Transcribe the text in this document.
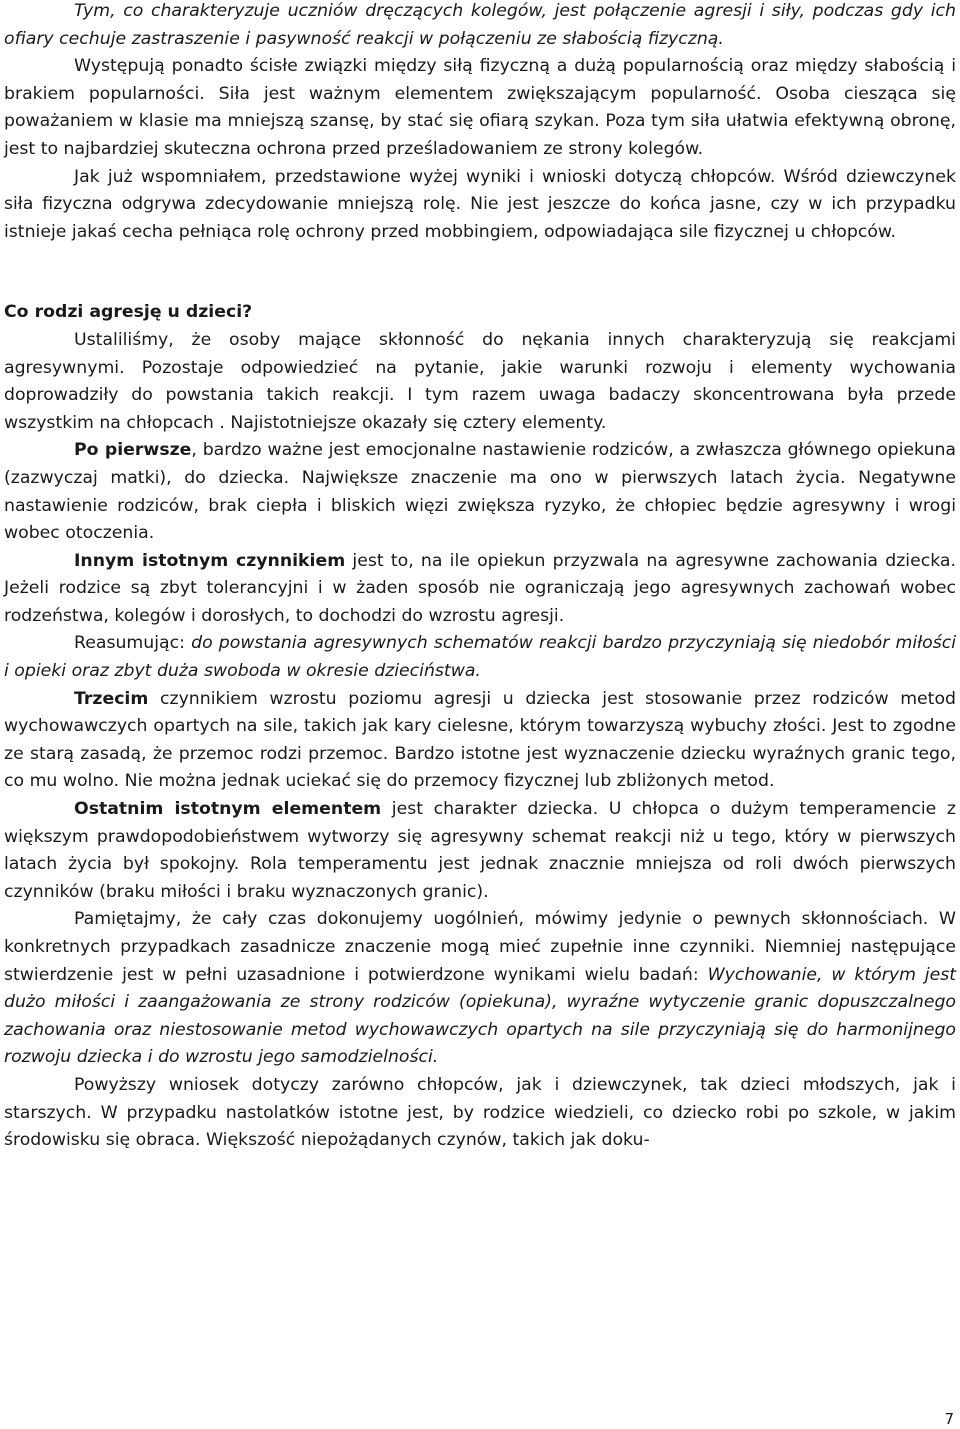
Tym, co charakteryzuje uczniów dręczących kolegów, jest połączenie agresji i siły, podczas gdy ich ofiary cechuje zastraszenie i pasywność reakcji w połączeniu ze słabością fizyczną.

Występują ponadto ścisłe związki między siłą fizyczną a dużą popularnością oraz między słabością i brakiem popularności. Siła jest ważnym elementem zwiększającym popularność. Osoba ciesząca się poważaniem w klasie ma mniejszą szansę, by stać się ofiarą szykan. Poza tym siła ułatwia efektywną obronę, jest to najbardziej skuteczna ochrona przed prześladowaniem ze strony kolegów.

Jak już wspomniałem, przedstawione wyżej wyniki i wnioski dotyczą chłopców. Wśród dziewczynek siła fizyczna odgrywa zdecydowanie mniejszą rolę. Nie jest jeszcze do końca jasne, czy w ich przypadku istnieje jakaś cecha pełniąca rolę ochrony przed mobbingiem, odpowiadająca sile fizycznej u chłopców.

Co rodzi agresję u dzieci?

Ustaliliśmy, że osoby mające skłonność do nękania innych charakteryzują się reakcjami agresywnymi. Pozostaje odpowiedzieć na pytanie, jakie warunki rozwoju i elementy wychowania doprowadziły do powstania takich reakcji. I tym razem uwaga badaczy skoncentrowana była przede wszystkim na chłopcach . Najistotniejsze okazały się cztery elementy.

Po pierwsze, bardzo ważne jest emocjonalne nastawienie rodziców, a zwłaszcza głównego opiekuna (zazwyczaj matki), do dziecka. Największe znaczenie ma ono w pierwszych latach życia. Negatywne nastawienie rodziców, brak ciepła i bliskich więzi zwiększa ryzyko, że chłopiec będzie agresywny i wrogi wobec otoczenia.

Innym istotnym czynnikiem jest to, na ile opiekun przyzwala na agresywne zachowania dziecka. Jeżeli rodzice są zbyt tolerancyjni i w żaden sposób nie ograniczają jego agresywnych zachowań wobec rodzeństwa, kolegów i dorosłych, to dochodzi do wzrostu agresji.

Reasumując: do powstania agresywnych schematów reakcji bardzo przyczyniają się niedobór miłości i opieki oraz zbyt duża swoboda w okresie dzieciństwa.

Trzecim czynnikiem wzrostu poziomu agresji u dziecka jest stosowanie przez rodziców metod wychowawczych opartych na sile, takich jak kary cielesne, którym towarzyszą wybuchy złości. Jest to zgodne ze starą zasadą, że przemoc rodzi przemoc. Bardzo istotne jest wyznaczenie dziecku wyraźnych granic tego, co mu wolno. Nie można jednak uciekać się do przemocy fizycznej lub zbliżonych metod.

Ostatnim istotnym elementem jest charakter dziecka. U chłopca o dużym temperamencie z większym prawdopodobieństwem wytworzy się agresywny schemat reakcji niż u tego, który w pierwszych latach życia był spokojny. Rola temperamentu jest jednak znacznie mniejsza od roli dwóch pierwszych czynników (braku miłości i braku wyznaczonych granic).

Pamiętajmy, że cały czas dokonujemy uogólnień, mówimy jedynie o pewnych skłonnościach. W konkretnych przypadkach zasadnicze znaczenie mogą mieć zupełnie inne czynniki. Niemniej następujące stwierdzenie jest w pełni uzasadnione i potwierdzone wynikami wielu badań: Wychowanie, w którym jest dużo miłości i zaangażowania ze strony rodziców (opiekuna), wyraźne wytyczenie granic dopuszczalnego zachowania oraz niestosowanie metod wychowawczych opartych na sile przyczyniają się do harmonijnego rozwoju dziecka i do wzrostu jego samodzielności.

Powyższy wniosek dotyczy zarówno chłopców, jak i dziewczynek, tak dzieci młodszych, jak i starszych. W przypadku nastolatków istotne jest, by rodzice wiedzieli, co dziecko robi po szkole, w jakim środowisku się obraca. Większość niepożądanych czynów, takich jak doku-

7
